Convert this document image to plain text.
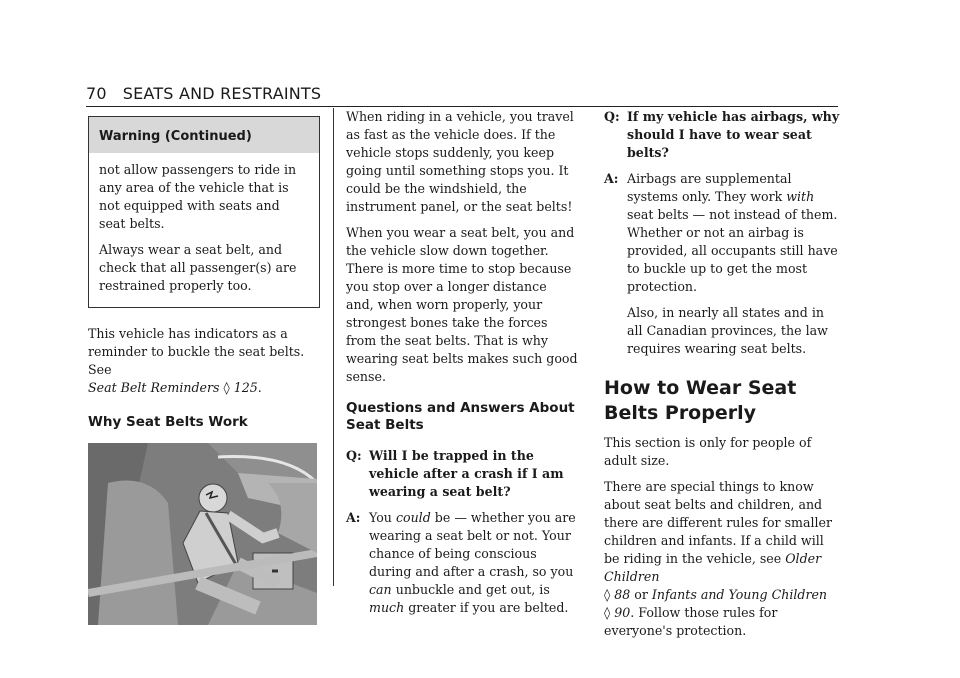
70 SEATS AND RESTRAINTS
Warning (Continued)

not allow passengers to ride in any area of the vehicle that is not equipped with seats and seat belts.

Always wear a seat belt, and check that all passenger(s) are restrained properly too.

This vehicle has indicators as a reminder to buckle the seat belts. See
Seat Belt Reminders ◊ 125.

Why Seat Belts Work

When riding in a vehicle, you travel as fast as the vehicle does. If the vehicle stops suddenly, you keep going until something stops you. It could be the windshield, the instrument panel, or the seat belts!

When you wear a seat belt, you and the vehicle slow down together. There is more time to stop because you stop over a longer distance and, when worn properly, your strongest bones take the forces from the seat belts. That is why wearing seat belts makes such good sense.

Questions and Answers About Seat Belts
Q: Will I be trapped in the vehicle after a crash if I am wearing a seat belt?
A: You could be — whether you are wearing a seat belt or not. Your chance of being conscious during and after a crash, so you can unbuckle and get out, is much greater if you are belted.
Q: If my vehicle has airbags, why should I have to wear seat belts?
A: Airbags are supplemental systems only. They work with seat belts — not instead of them. Whether or not an airbag is provided, all occupants still have to buckle up to get the most protection.

Also, in nearly all states and in all Canadian provinces, the law requires wearing seat belts.

How to Wear Seat Belts Properly

This section is only for people of adult size.

There are special things to know about seat belts and children, and there are different rules for smaller children and infants. If a child will be riding in the vehicle, see Older Children
◊ 88 or Infants and Young Children
◊ 90. Follow those rules for everyone's protection.
